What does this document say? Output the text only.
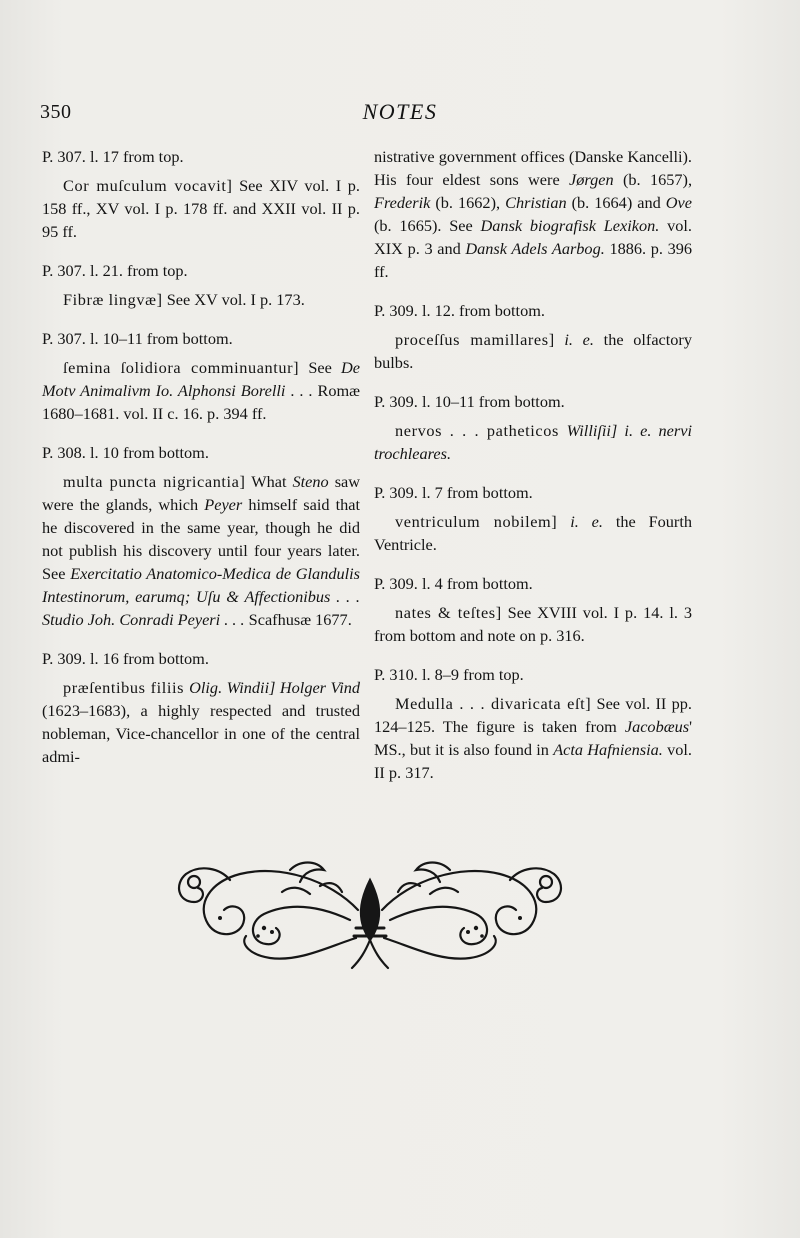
350	NOTES

P. 307. l. 17 from top.

Cor muſculum vocavit] See XIV vol. I p. 158 ff., XV vol. I p. 178 ff. and XXII vol. II p. 95 ff.

P. 307. l. 21. from top.

Fibræ lingvæ] See XV vol. I p. 173.

P. 307. l. 10–11 from bottom.

ſemina ſolidiora comminuantur] See De Motv Animalivm Io. Alphonsi Borelli . . . Romæ 1680–1681. vol. II c. 16. p. 394 ff.

P. 308. l. 10 from bottom.

multa puncta nigricantia] What Steno saw were the glands, which Peyer himself said that he discovered in the same year, though he did not publish his discovery until four years later. See Exercitatio Anatomico-Medica de Glandulis Intestinorum, earumq; Uſu & Affectionibus . . . Studio Joh. Conradi Peyeri . . . Scafhusæ 1677.

P. 309. l. 16 from bottom.

præſentibus filiis Olig. Windii] Holger Vind (1623–1683), a highly respected and trusted nobleman, Vice-chancellor in one of the central admi-

nistrative government offices (Danske Kancelli). His four eldest sons were Jørgen (b. 1657), Frederik (b. 1662), Christian (b. 1664) and Ove (b. 1665). See Dansk biografisk Lexikon. vol. XIX p. 3 and Dansk Adels Aarbog. 1886. p. 396 ff.

P. 309. l. 12. from bottom.

proceſſus mamillares] i. e. the olfactory bulbs.

P. 309. l. 10–11 from bottom.

nervos . . . patheticos Williſii] i. e. nervi trochleares.

P. 309. l. 7 from bottom.

ventriculum nobilem] i. e. the Fourth Ventricle.

P. 309. l. 4 from bottom.

nates & teſtes] See XVIII vol. I p. 14. l. 3 from bottom and note on p. 316.

P. 310. l. 8–9 from top.

Medulla . . . divaricata eſt] See vol. II pp. 124–125. The figure is taken from Jacobæus' MS., but it is also found in Acta Hafniensia. vol. II p. 317.
